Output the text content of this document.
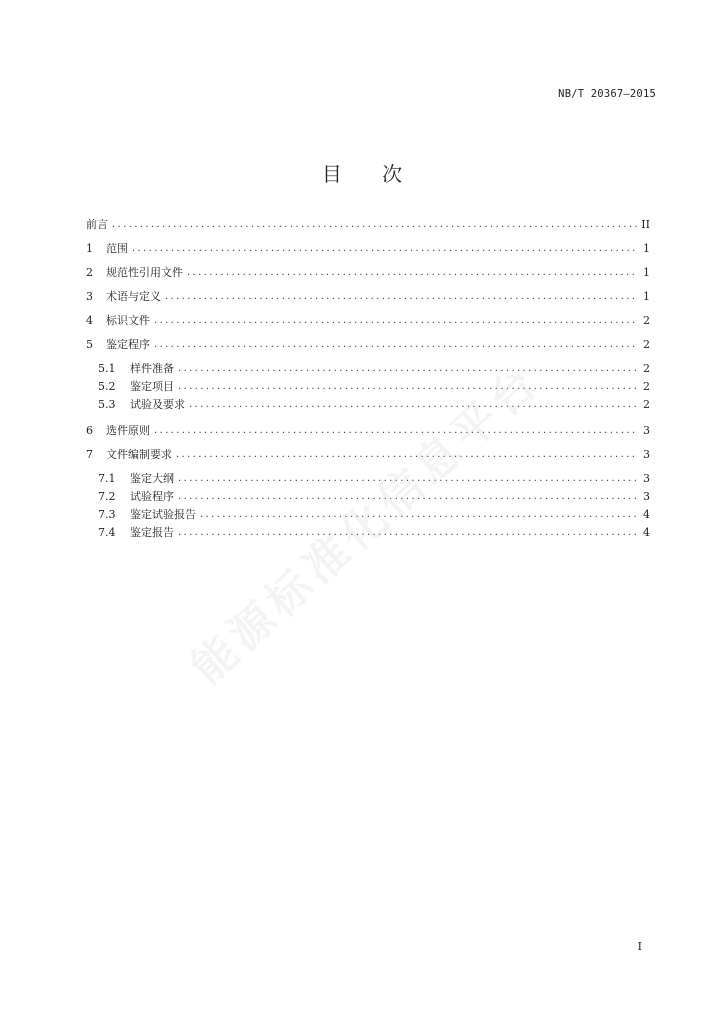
NB/T 20367—2015
目 次
前言 . . .	II
1	范围 . . .	1
2	规范性引用文件 . . .	1
3	术语与定义 . . .	1
4	标识文件 . . .	2
5	鉴定程序 . . .	2
5.1	样件准备 . . .	2
5.2	鉴定项目 . . .	2
5.3	试验及要求 . . .	2
6	选件原则 . . .	3
7	文件编制要求 . . .	3
7.1	鉴定大纲 . . .	3
7.2	试验程序 . . .	3
7.3	鉴定试验报告 . . .	4
7.4	鉴定报告 . . .	4
能源标准化信息平台
I
